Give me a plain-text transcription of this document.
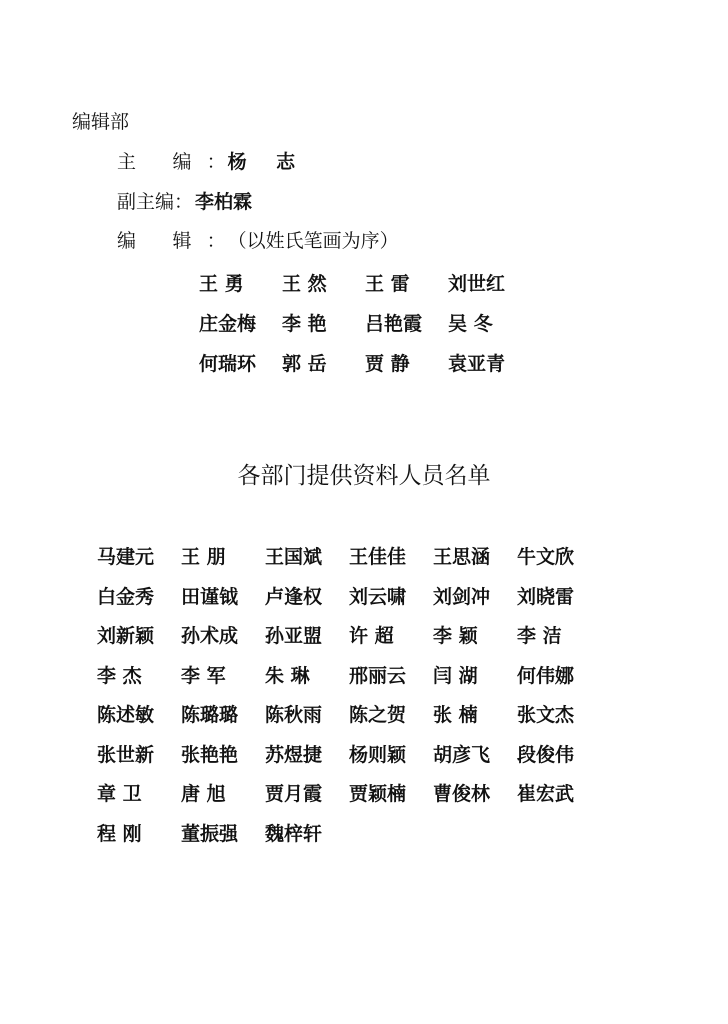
编辑部
主 编 ： 杨 志
副主编 ： 李柏霖
编 辑 ： （以姓氏笔画为序）
王 勇	王 然	王 雷	刘世红
庄金梅	李 艳	吕艳霞	吴 冬
何瑞环	郭 岳	贾 静	袁亚青
各部门提供资料人员名单
马建元	王 朋	王国斌	王佳佳	王思涵	牛文欣
白金秀	田谨钺	卢逢权	刘云啸	刘剑冲	刘晓雷
刘新颖	孙术成	孙亚盟	许 超	李 颖	李 洁
李 杰	李 军	朱 琳	邢丽云	闫 湖	何伟娜
陈述敏	陈璐璐	陈秋雨	陈之贺	张 楠	张文杰
张世新	张艳艳	苏煜捷	杨则颖	胡彦飞	段俊伟
章 卫	唐 旭	贾月霞	贾颖楠	曹俊林	崔宏武
程 刚	董振强	魏梓轩
